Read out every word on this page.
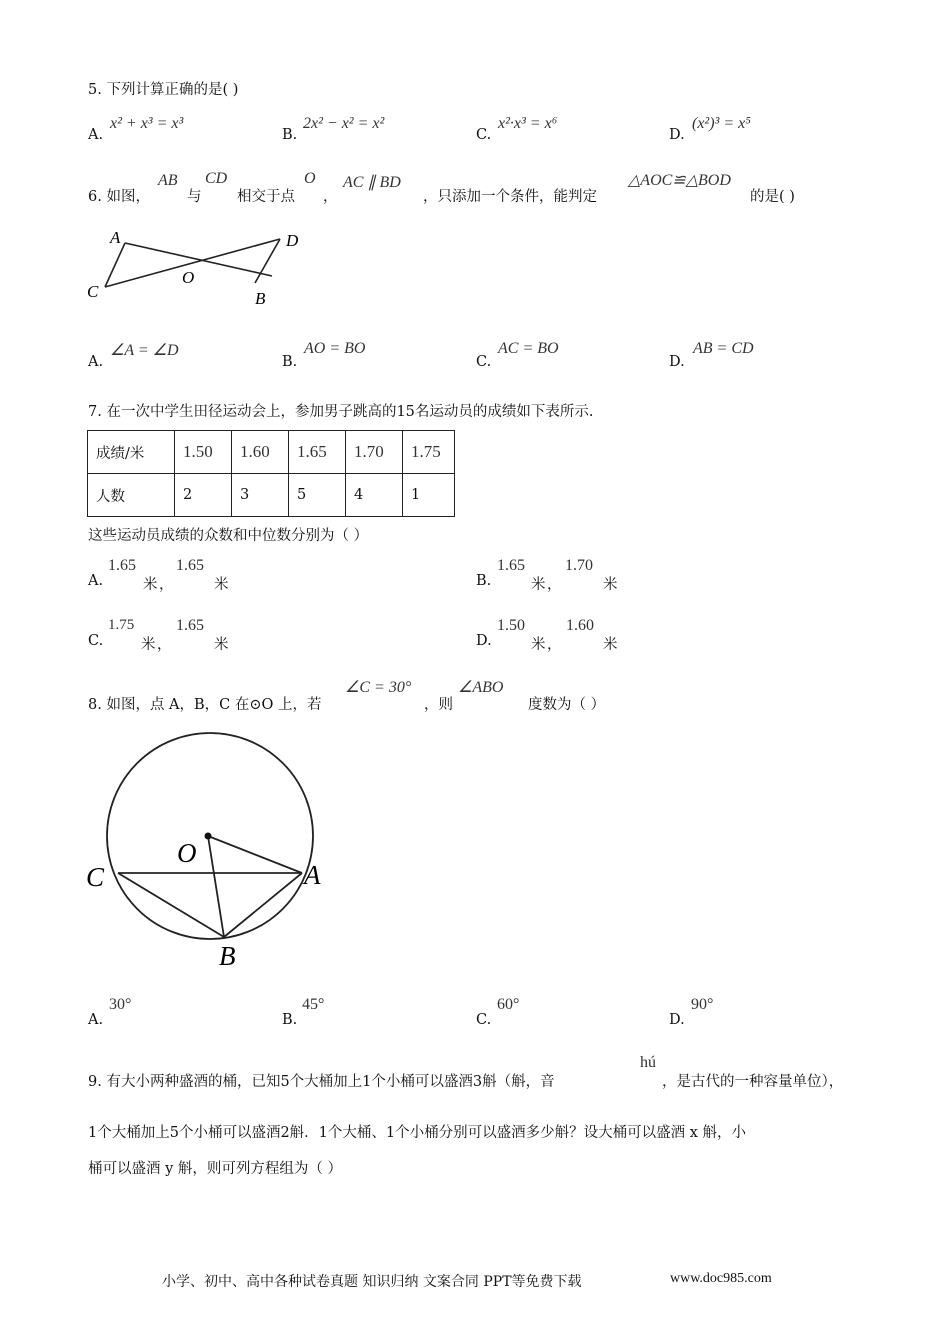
5. 下列计算正确的是( )
A.
x² + x³ = x³
B.
2x² − x² = x²
C.
x²·x³ = x⁶
D.
(x²)³ = x⁵
6. 如图，
AB
与
CD
相交于点
O
，
AC ∥ BD
，只添加一个条件，能判定
△AOC≌△BOD
的是( )
A	D
C
O
B
A.
∠A = ∠D
B.
AO = BO
C.
AC = BO
D.
AB = CD
7. 在一次中学生田径运动会上，参加男子跳高的15名运动员的成绩如下表所示.
成绩/米	1.50	1.60	1.65	1.70	1.75
人数	2	3	5	4	1
这些运动员成绩的众数和中位数分别为（ ）
A.
1.65
米 ，
1.65
米	B.
1.65
米 ，
1.70
米
C.
1.75
米 ，
1.65
米	D.
1.50
米 ，
1.60
米
8. 如图，点 A，B，C 在⊙O 上，若
∠C = 30°
，则
∠ABO
度数为（ ）
O
C	A
B
A.
30°
B.
45°
C.
60°
D.
90°
9. 有大小两种盛酒的桶，已知5个大桶加上1个小桶可以盛酒3斛（斛，音
hú
，是古代的一种容量单位），
1个大桶加上5个小桶可以盛酒2斛．1个大桶、1个小桶分别可以盛酒多少斛？设大桶可以盛酒 x 斛，小
桶可以盛酒 y 斛，则可列方程组为（ ）
小学、初中、高中各种试卷真题 知识归纳 文案合同 PPT等免费下载	www.doc985.com
